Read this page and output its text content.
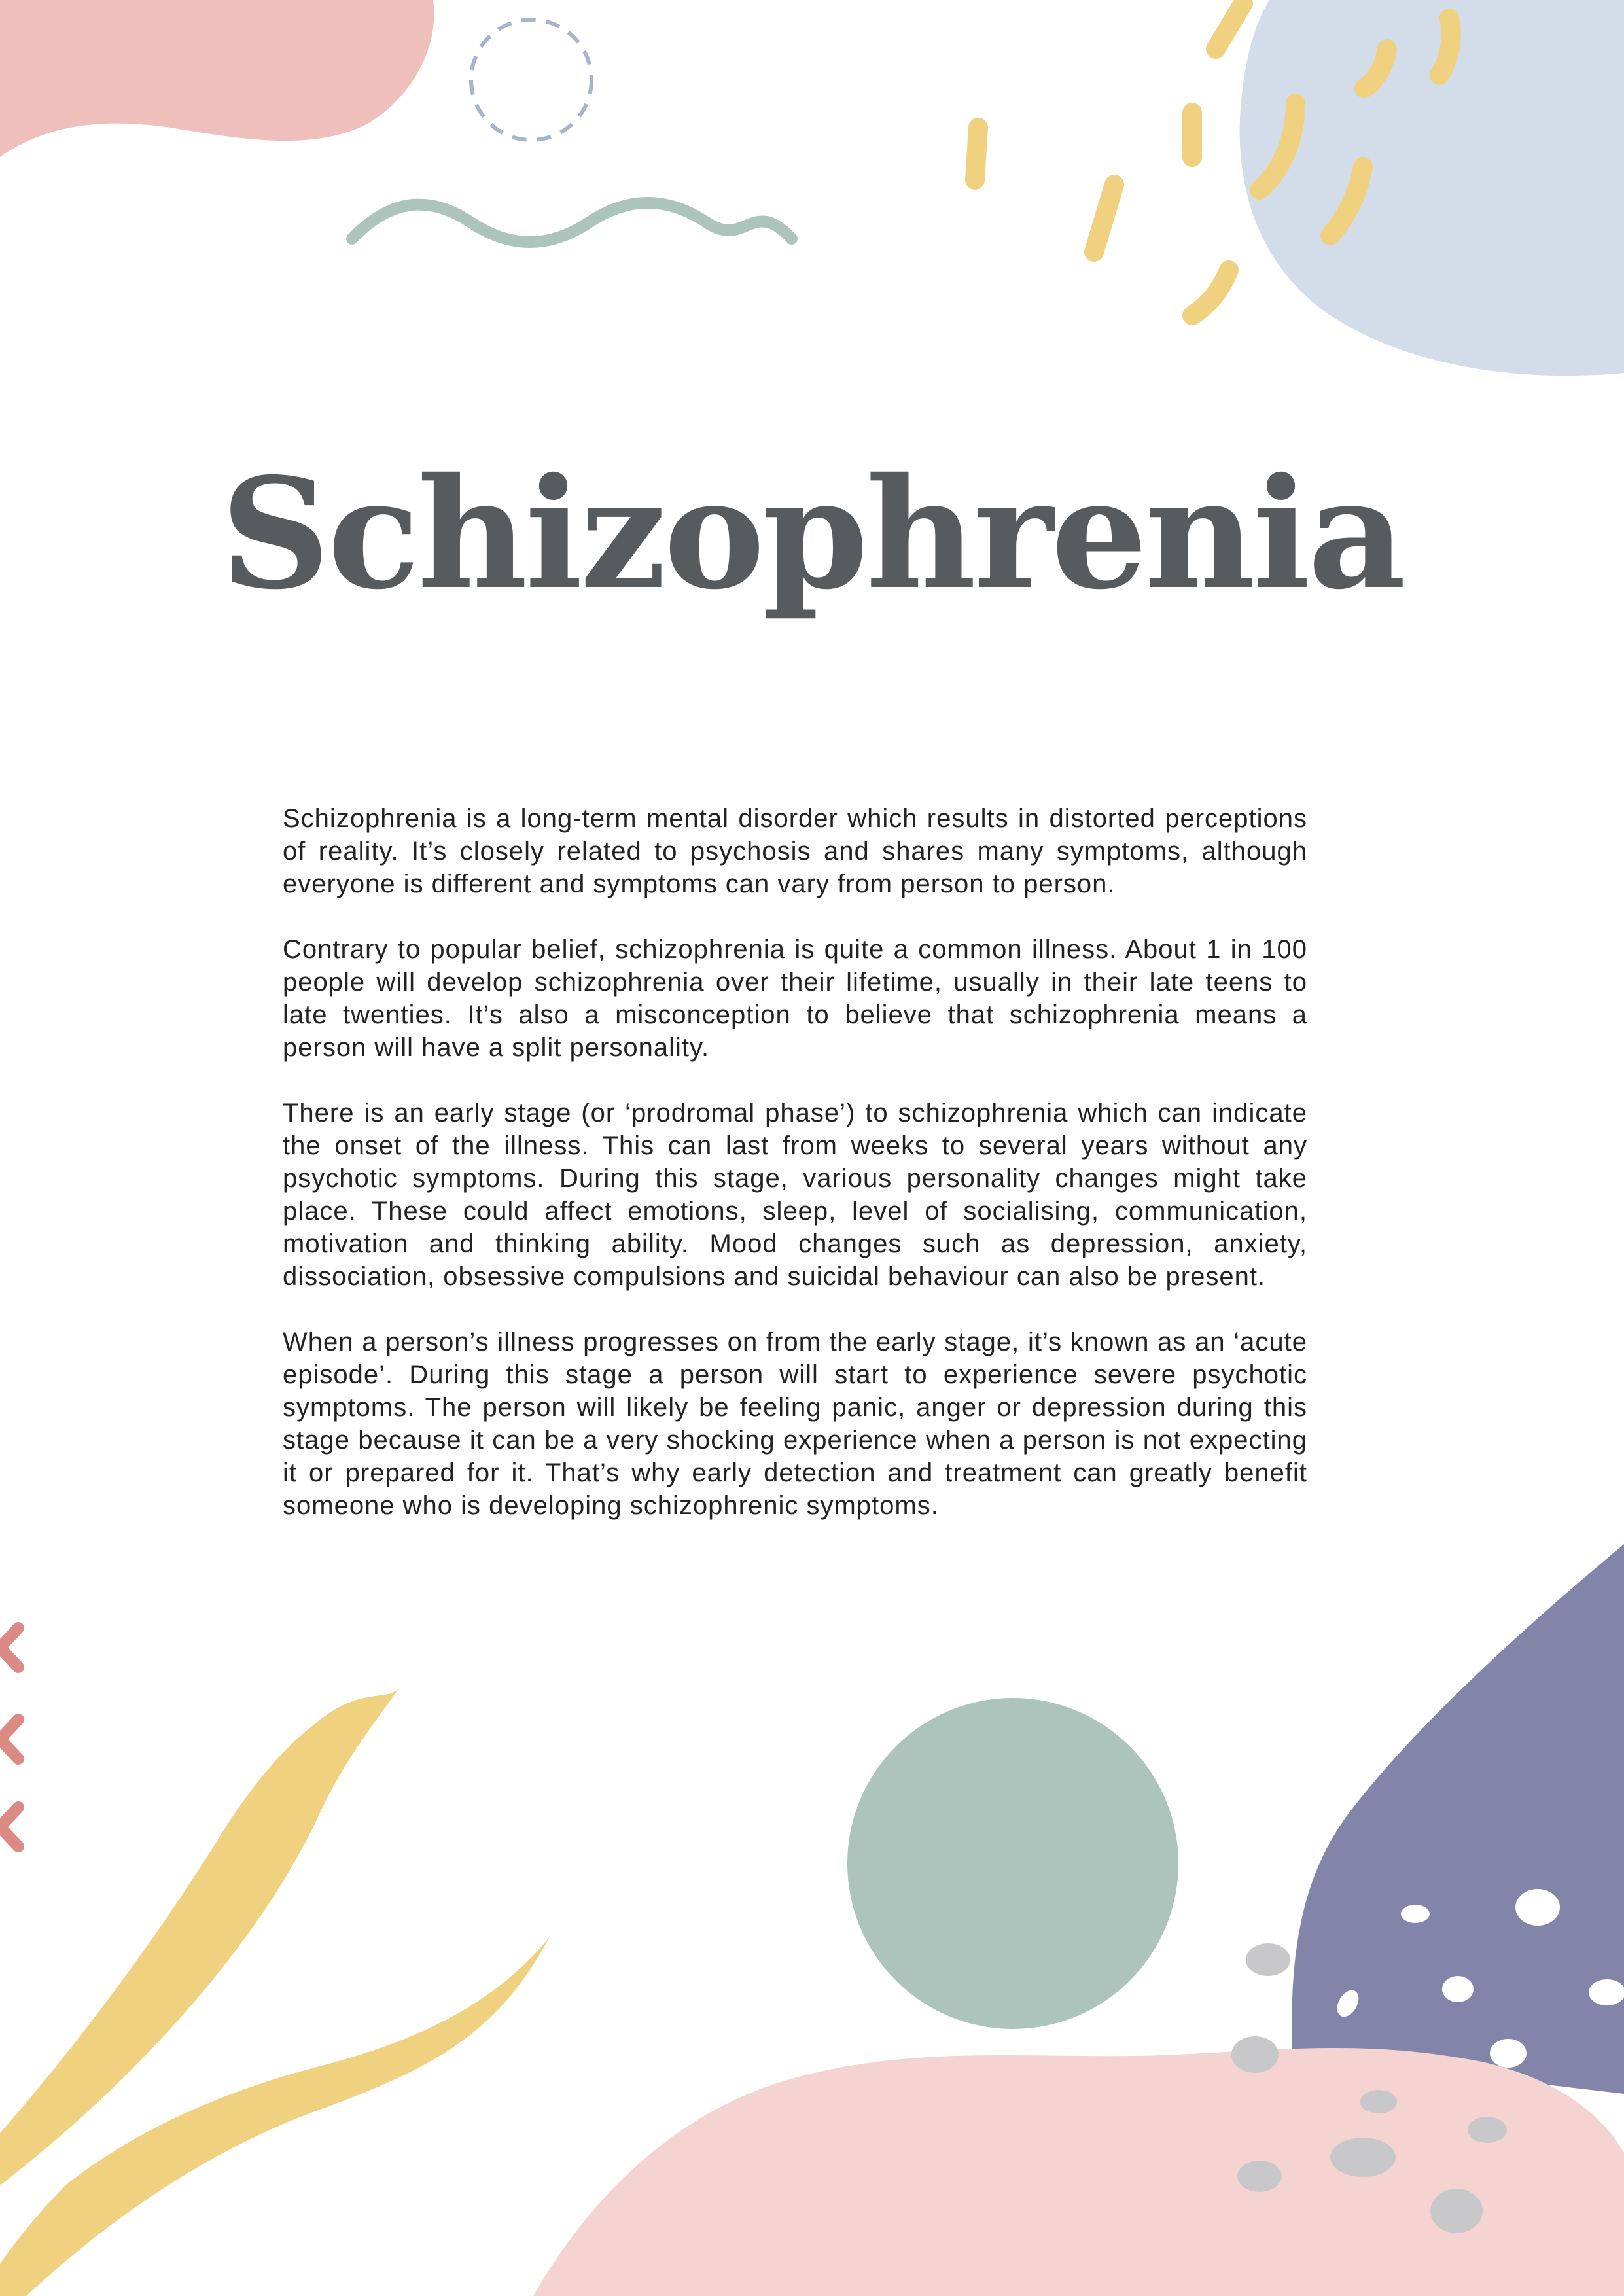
Schizophrenia

Schizophrenia is a long-term mental disorder which results in distorted perceptions of reality. It’s closely related to psychosis and shares many symptoms, although everyone is different and symptoms can vary from person to person.

Contrary to popular belief, schizophrenia is quite a common illness. About 1 in 100 people will develop schizophrenia over their lifetime, usually in their late teens to late twenties. It’s also a misconception to believe that schizophrenia means a person will have a split personality.

There is an early stage (or ‘prodromal phase’) to schizophrenia which can indicate the onset of the illness. This can last from weeks to several years without any psychotic symptoms. During this stage, various personality changes might take place. These could affect emotions, sleep, level of socialising, communication, motivation and thinking ability. Mood changes such as depression, anxiety, dissociation, obsessive compulsions and suicidal behaviour can also be present.

When a person’s illness progresses on from the early stage, it’s known as an ‘acute episode’. During this stage a person will start to experience severe psychotic symptoms. The person will likely be feeling panic, anger or depression during this stage because it can be a very shocking experience when a person is not expecting it or prepared for it. That’s why early detection and treatment can greatly benefit someone who is developing schizophrenic symptoms.
